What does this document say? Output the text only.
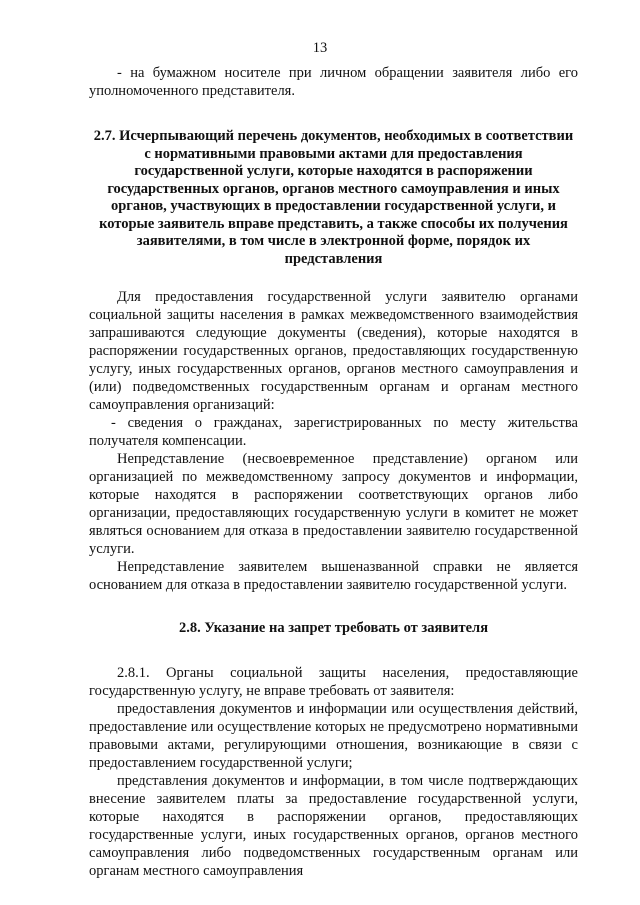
13

- на бумажном носителе при личном обращении заявителя либо его уполномоченного представителя.

2.7. Исчерпывающий перечень документов, необходимых в соответствии с нормативными правовыми актами для предоставления государственной услуги, которые находятся в распоряжении государственных органов, органов местного самоуправления и иных органов, участвующих в предоставлении государственной услуги, и которые заявитель вправе представить, а также способы их получения заявителями, в том числе в электронной форме, порядок их представления

Для предоставления государственной услуги заявителю органами социальной защиты населения в рамках межведомственного взаимодействия запрашиваются следующие документы (сведения), которые находятся в распоряжении государственных органов, предоставляющих государственную услугу, иных государственных органов, органов местного самоуправления и (или) подведомственных государственным органам и органам местного самоуправления организаций:

- сведения о гражданах, зарегистрированных по месту жительства получателя компенсации.

Непредставление (несвоевременное представление) органом или организацией по межведомственному запросу документов и информации, которые находятся в распоряжении соответствующих органов либо организации, предоставляющих государственную услуги в комитет не может являться основанием для отказа в предоставлении заявителю государственной услуги.

Непредставление заявителем вышеназванной справки не является основанием для отказа в предоставлении заявителю государственной услуги.

2.8. Указание на запрет требовать от заявителя

2.8.1. Органы социальной защиты населения, предоставляющие государственную услугу, не вправе требовать от заявителя:

предоставления документов и информации или осуществления действий, предоставление или осуществление которых не предусмотрено нормативными правовыми актами, регулирующими отношения, возникающие в связи с предоставлением государственной услуги;

представления документов и информации, в том числе подтверждающих внесение заявителем платы за предоставление государственной услуги, которые находятся в распоряжении органов, предоставляющих государственные услуги, иных государственных органов, органов местного самоуправления либо подведомственных государственным органам или органам местного самоуправления
